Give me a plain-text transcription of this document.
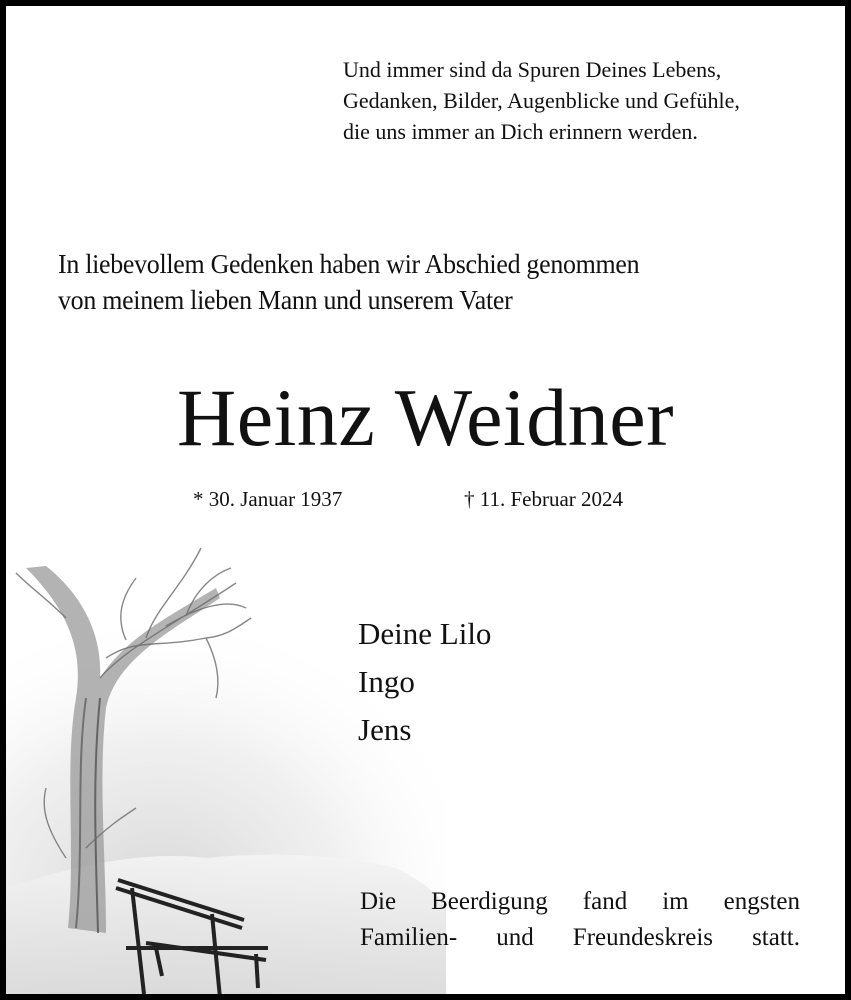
Und immer sind da Spuren Deines Lebens,
Gedanken, Bilder, Augenblicke und Gefühle,
die uns immer an Dich erinnern werden.
In liebevollem Gedenken haben wir Abschied genommen
von meinem lieben Mann und unserem Vater
Heinz Weidner
* 30. Januar 1937	† 11. Februar 2024
Deine Lilo
Ingo
Jens
Die Beerdigung fand im engsten
Familien- und Freundeskreis statt.
